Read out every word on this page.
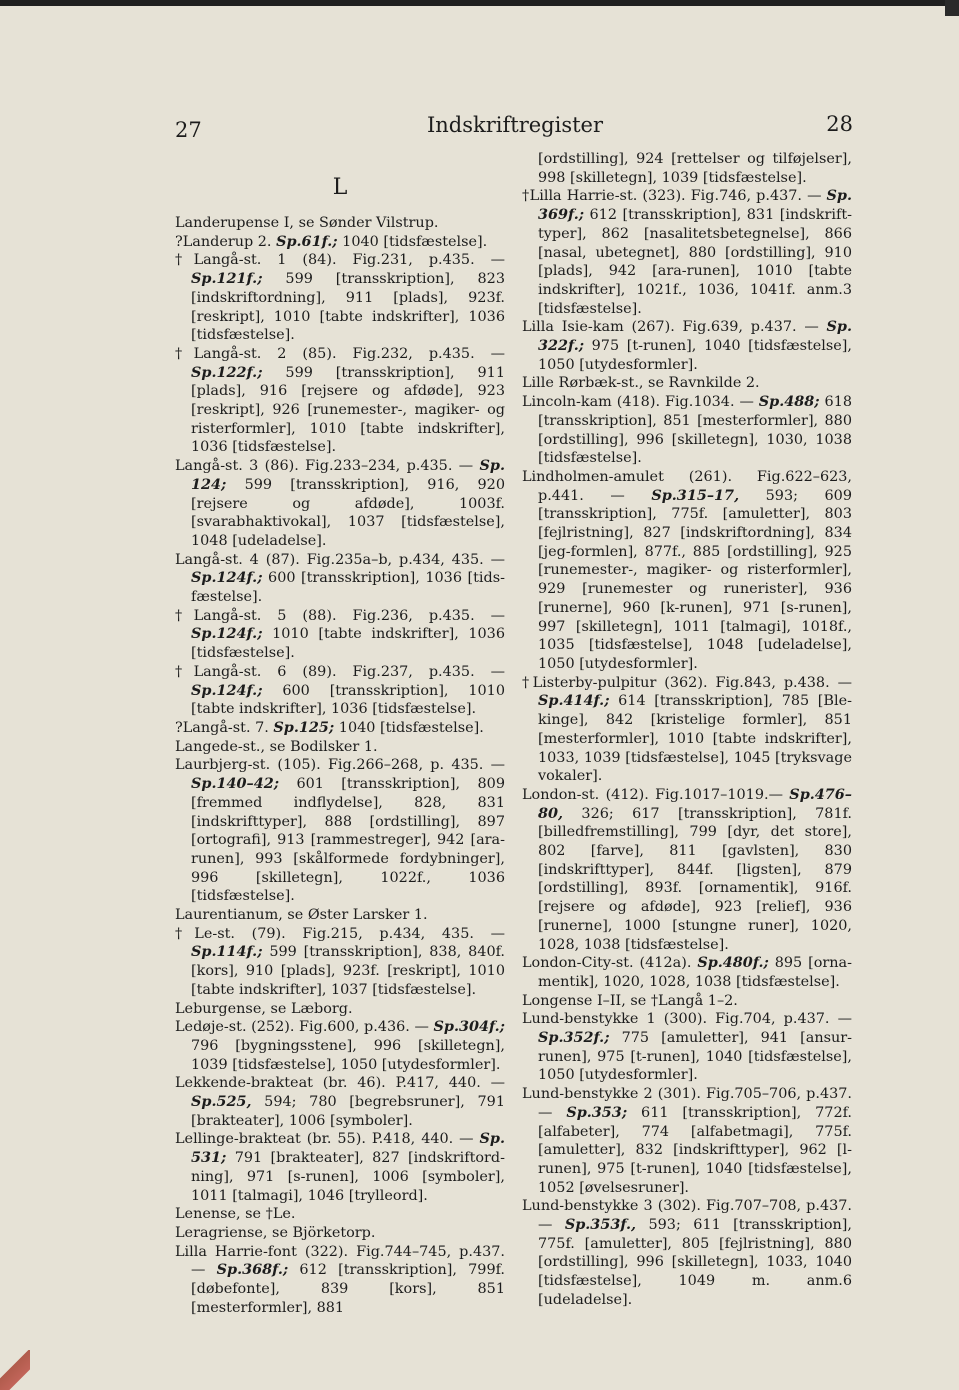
27	Indskriftregister	28
L
Landerupense I, se Sønder Vilstrup.
?Landerup 2. Sp.61f.; 1040 [tidsfæstelse].
†Langå-st. 1 (84). Fig.231, p.435. — Sp.121f.; 599 [transskription], 823 [indskriftordning], 911 [plads], 923f. [reskript], 1010 [tabte indskrifter], 1036 [tidsfæstelse].
†Langå-st. 2 (85). Fig.232, p.435. — Sp.122f.; 599 [transskription], 911 [plads], 916 [rejsere og afdøde], 923 [reskript], 926 [runemester-, magiker- og risterformler], 1010 [tabte indskrifter], 1036 [tidsfæstelse].
Langå-st. 3 (86). Fig.233–234, p.435. — Sp. 124; 599 [transskription], 916, 920 [rejsere og afdøde], 1003f. [svarabhaktivokal], 1037 [tidsfæstelse], 1048 [udeladelse].
Langå-st. 4 (87). Fig.235a–b, p.434, 435. — Sp.124f.; 600 [transskription], 1036 [tidsfæstelse].
†Langå-st. 5 (88). Fig.236, p.435. — Sp.124f.; 1010 [tabte indskrifter], 1036 [tidsfæstelse].
†Langå-st. 6 (89). Fig.237, p.435. — Sp.124f.; 600 [transskription], 1010 [tabte indskrifter], 1036 [tidsfæstelse].
?Langå-st. 7. Sp.125; 1040 [tidsfæstelse].
Langede-st., se Bodilsker 1.
Laurbjerg-st. (105). Fig.266–268, p. 435. — Sp.140–42; 601 [transskription], 809 [fremmed indflydelse], 828, 831 [indskrifttyper], 888 [ordstilling], 897 [ortografi], 913 [rammestreger], 942 [ara-runen], 993 [skålformede fordybninger], 996 [skilletegn], 1022f., 1036 [tidsfæstelse].
Laurentianum, se Øster Larsker 1.
†Le-st. (79). Fig.215, p.434, 435. — Sp.114f.; 599 [transskription], 838, 840f. [kors], 910 [plads], 923f. [reskript], 1010 [tabte indskrifter], 1037 [tidsfæstelse].
Leburgense, se Læborg.
Ledøje-st. (252). Fig.600, p.436. — Sp.304f.; 796 [bygningsstene], 996 [skilletegn], 1039 [tidsfæstelse], 1050 [utydesformler].
Lekkende-brakteat (br. 46). P.417, 440. — Sp.525, 594; 780 [begrebsruner], 791 [brakteater], 1006 [symboler].
Lellinge-brakteat (br. 55). P.418, 440. — Sp. 531; 791 [brakteater], 827 [indskriftordning], 971 [s-runen], 1006 [symboler], 1011 [talmagi], 1046 [trylleord].
Lenense, se †Le.
Leragriense, se Björketorp.
Lilla Harrie-font (322). Fig.744–745, p.437. — Sp.368f.; 612 [transskription], 799f. [døbefonte], 839 [kors], 851 [mesterformler], 881
[ordstilling], 924 [rettelser og tilføjelser], 998 [skilletegn], 1039 [tidsfæstelse].
†Lilla Harrie-st. (323). Fig.746, p.437. — Sp. 369f.; 612 [transskription], 831 [indskrifttyper], 862 [nasalitetsbetegnelse], 866 [nasal, ubetegnet], 880 [ordstilling], 910 [plads], 942 [ara-runen], 1010 [tabte indskrifter], 1021f., 1036, 1041f. anm.3 [tidsfæstelse].
Lilla Isie-kam (267). Fig.639, p.437. — Sp. 322f.; 975 [t-runen], 1040 [tidsfæstelse], 1050 [utydesformler].
Lille Rørbæk-st., se Ravnkilde 2.
Lincoln-kam (418). Fig.1034. — Sp.488; 618 [transskription], 851 [mesterformler], 880 [ordstilling], 996 [skilletegn], 1030, 1038 [tidsfæstelse].
Lindholmen-amulet (261). Fig.622–623, p.441. — Sp.315–17, 593; 609 [transskription], 775f. [amuletter], 803 [fejlristning], 827 [indskriftordning], 834 [jeg-formlen], 877f., 885 [ordstilling], 925 [runemester-, magiker- og risterformler], 929 [runemester og runerister], 936 [runerne], 960 [k-runen], 971 [s-runen], 997 [skilletegn], 1011 [talmagi], 1018f., 1035 [tidsfæstelse], 1048 [udeladelse], 1050 [utydesformler].
†Listerby-pulpitur (362). Fig.843, p.438. — Sp.414f.; 614 [transskription], 785 [Blekinge], 842 [kristelige formler], 851 [mesterformler], 1010 [tabte indskrifter], 1033, 1039 [tidsfæstelse], 1045 [tryksvage vokaler].
London-st. (412). Fig.1017–1019.— Sp.476–80, 326; 617 [transskription], 781f. [billedfremstilling], 799 [dyr, det store], 802 [farve], 811 [gavlsten], 830 [indskrifttyper], 844f. [ligsten], 879 [ordstilling], 893f. [ornamentik], 916f. [rejsere og afdøde], 923 [relief], 936 [runerne], 1000 [stungne runer], 1020, 1028, 1038 [tidsfæstelse].
London-City-st. (412a). Sp.480f.; 895 [ornamentik], 1020, 1028, 1038 [tidsfæstelse].
Longense I–II, se †Langå 1–2.
Lund-benstykke 1 (300). Fig.704, p.437. — Sp.352f.; 775 [amuletter], 941 [ansur-runen], 975 [t-runen], 1040 [tidsfæstelse], 1050 [utydesformler].
Lund-benstykke 2 (301). Fig.705–706, p.437. — Sp.353; 611 [transskription], 772f. [alfabeter], 774 [alfabetmagi], 775f. [amuletter], 832 [indskrifttyper], 962 [l-runen], 975 [t-runen], 1040 [tidsfæstelse], 1052 [øvelsesruner].
Lund-benstykke 3 (302). Fig.707–708, p.437. — Sp.353f., 593; 611 [transskription], 775f. [amuletter], 805 [fejlristning], 880 [ordstilling], 996 [skilletegn], 1033, 1040 [tidsfæstelse], 1049 m. anm.6 [udeladelse].
